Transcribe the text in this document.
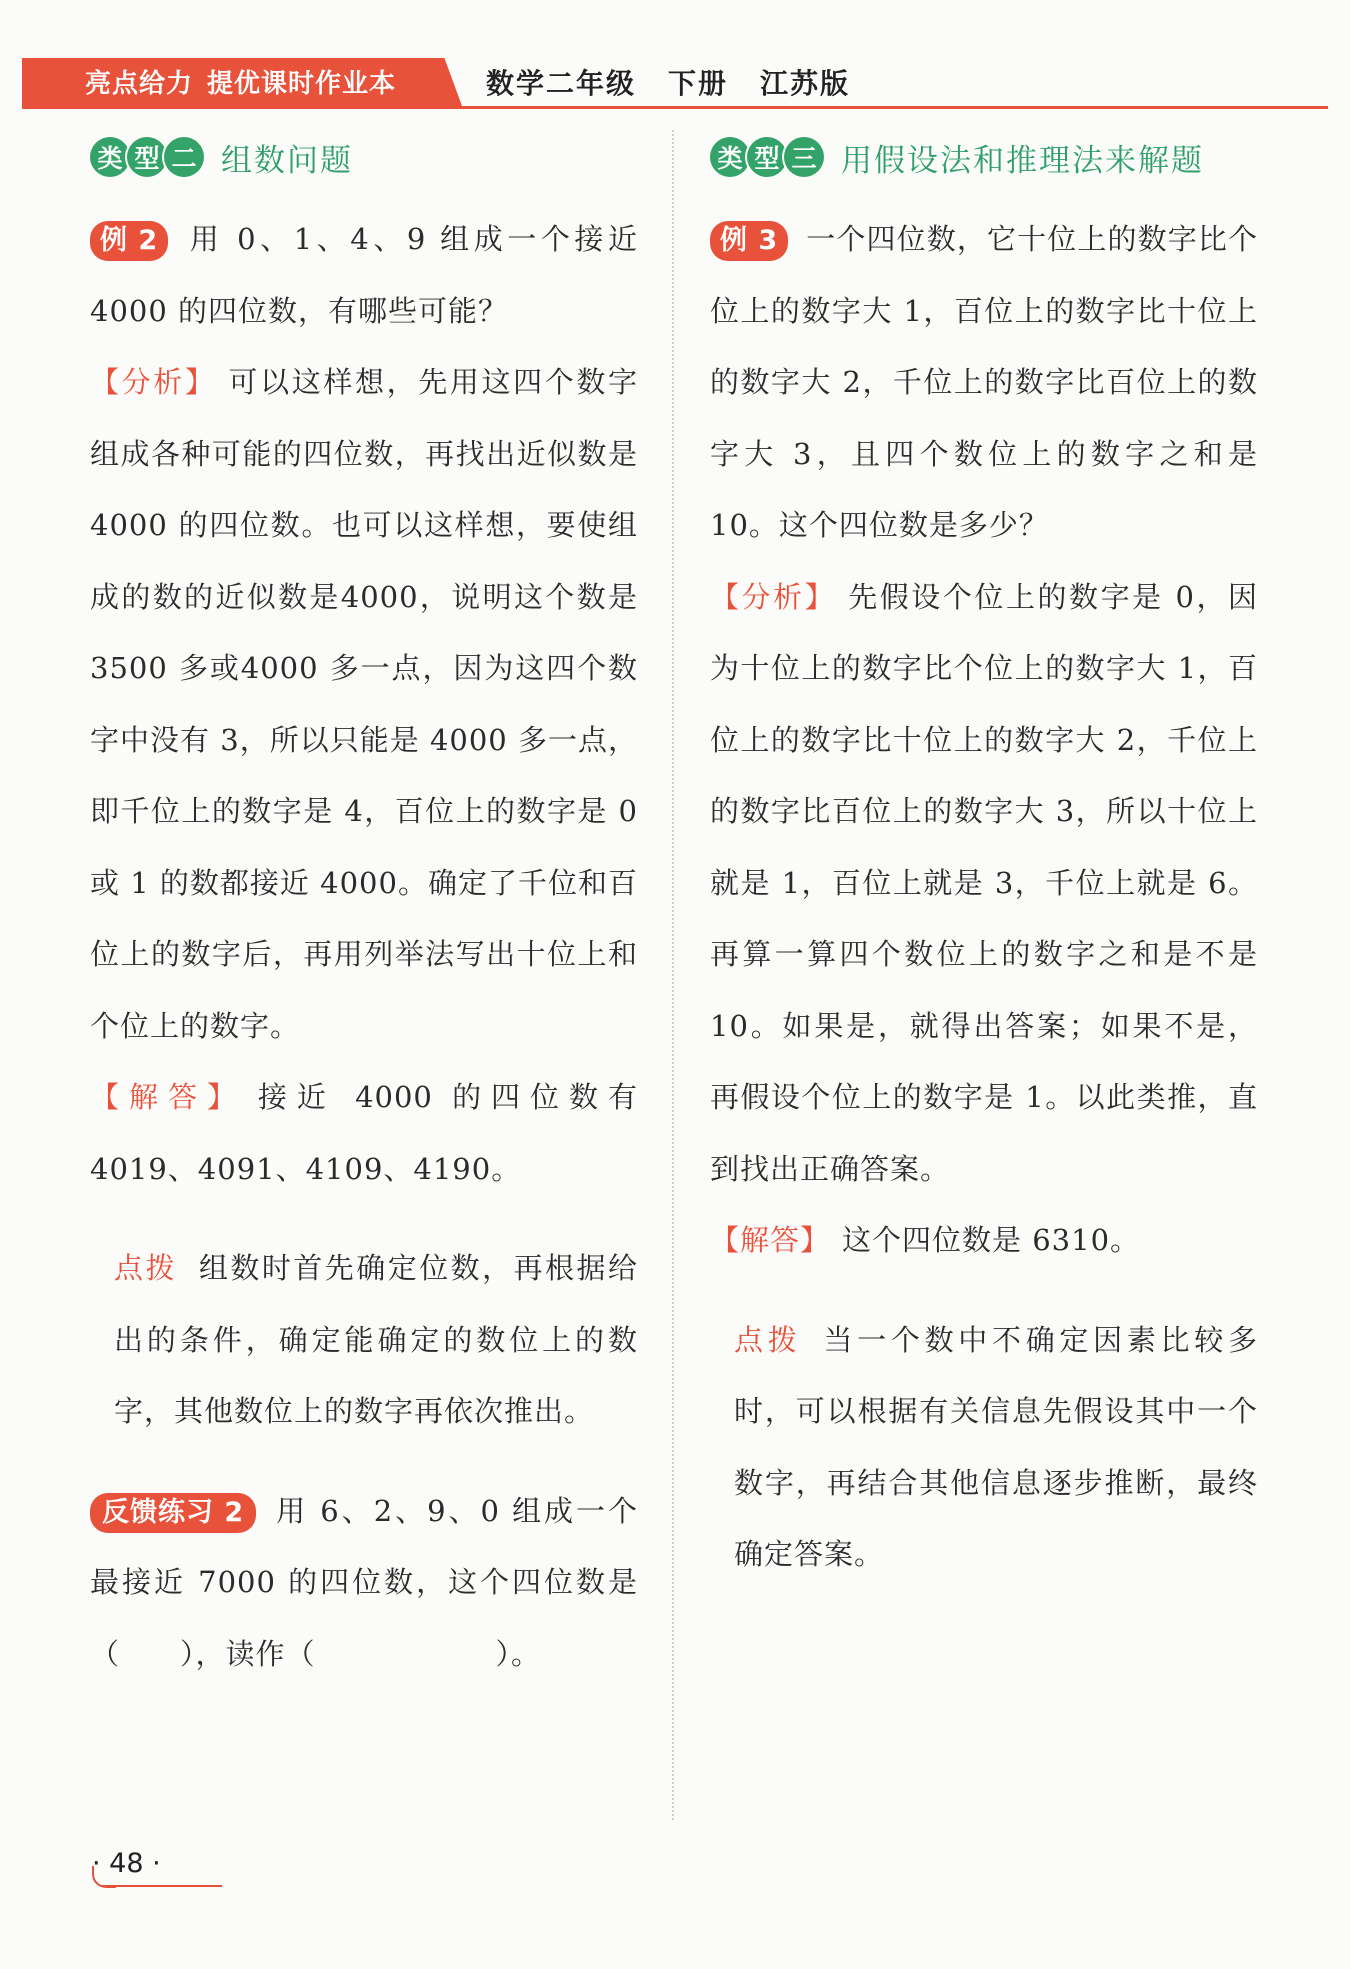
亮点给力 提优课时作业本	数学二年级 下册 江苏版
类 型 二 组数问题

例 2 用 0、1、4、9 组成一个接近4000 的四位数，有哪些可能？

【分析】 可以这样想，先用这四个数字组成各种可能的四位数，再找出近似数是 4000 的四位数。也可以这样想，要使组成的数的近似数是4000，说明这个数是 3500 多或4000 多一点，因为这四个数字中没有 3，所以只能是 4000 多一点，即千位上的数字是 4，百位上的数字是 0 或 1 的数都接近 4000。确定了千位和百位上的数字后，再用列举法写出十位上和个位上的数字。

【解答】 接近 4000 的四位数有4019、4091、4109、4190。

点拨 组数时首先确定位数，再根据给出的条件，确定能确定的数位上的数字，其他数位上的数字再依次推出。

反馈练习 2 用 6、2、9、0 组成一个最接近 7000 的四位数，这个四位数是（ ），读作（	）。

类 型 三 用假设法和推理法来解题

例 3 一个四位数，它十位上的数字比个位上的数字大 1，百位上的数字比十位上的数字大 2，千位上的数字比百位上的数字大 3，且四个数位上的数字之和是 10。这个四位数是多少？

【分析】 先假设个位上的数字是 0，因为十位上的数字比个位上的数字大 1，百位上的数字比十位上的数字大 2，千位上的数字比百位上的数字大 3，所以十位上就是 1，百位上就是 3，千位上就是 6。再算一算四个数位上的数字之和是不是 10。如果是，就得出答案；如果不是，再假设个位上的数字是 1。以此类推，直到找出正确答案。

【解答】 这个四位数是 6310。

点拨 当一个数中不确定因素比较多时，可以根据有关信息先假设其中一个数字，再结合其他信息逐步推断，最终确定答案。

· 48 ·
